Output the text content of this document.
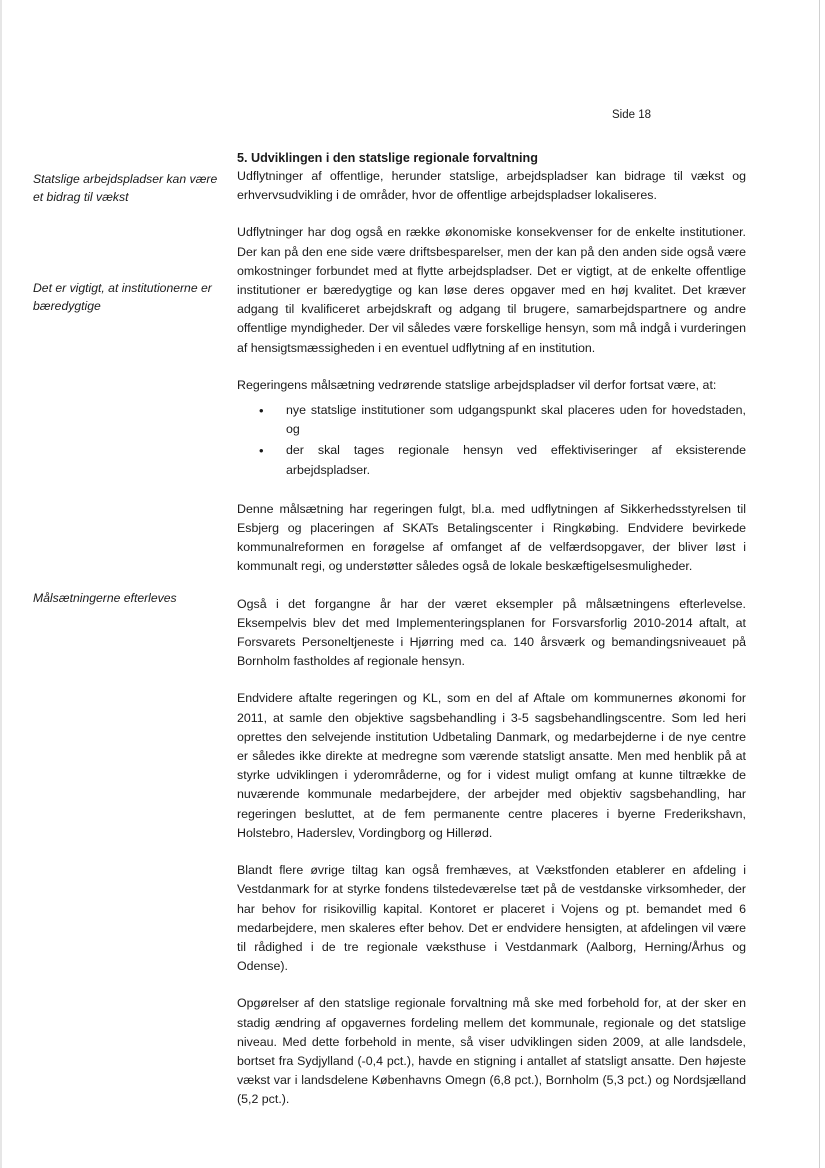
Side 18
Statslige arbejdspladser kan være et bidrag til vækst
Det er vigtigt, at institutionerne er bæredygtige
Målsætningerne efterleves
5. Udviklingen i den statslige regionale forvaltning

Udflytninger af offentlige, herunder statslige, arbejdspladser kan bidrage til vækst og erhvervsudvikling i de områder, hvor de offentlige arbejdspladser lokaliseres.

Udflytninger har dog også en række økonomiske konsekvenser for de enkelte institutioner. Der kan på den ene side være driftsbesparelser, men der kan på den anden side også være omkostninger forbundet med at flytte arbejdspladser. Det er vigtigt, at de enkelte offentlige institutioner er bæredygtige og kan løse deres opgaver med en høj kvalitet. Det kræver adgang til kvalificeret arbejdskraft og adgang til brugere, samarbejdspartnere og andre offentlige myndigheder. Der vil således være forskellige hensyn, som må indgå i vurderingen af hensigtsmæssigheden i en eventuel udflytning af en institution.

Regeringens målsætning vedrørende statslige arbejdspladser vil derfor fortsat være, at:

• nye statslige institutioner som udgangspunkt skal placeres uden for hovedstaden, og
• der skal tages regionale hensyn ved effektiviseringer af eksisterende arbejdspladser.

Denne målsætning har regeringen fulgt, bl.a. med udflytningen af Sikkerhedsstyrelsen til Esbjerg og placeringen af SKATs Betalingscenter i Ringkøbing. Endvidere bevirkede kommunalreformen en forøgelse af omfanget af de velfærdsopgaver, der bliver løst i kommunalt regi, og understøtter således også de lokale beskæftigelsesmuligheder.

Også i det forgangne år har der været eksempler på målsætningens efterlevelse. Eksempelvis blev det med Implementeringsplanen for Forsvarsforlig 2010-2014 aftalt, at Forsvarets Personeltjeneste i Hjørring med ca. 140 årsværk og bemandingsniveauet på Bornholm fastholdes af regionale hensyn.

Endvidere aftalte regeringen og KL, som en del af Aftale om kommunernes økonomi for 2011, at samle den objektive sagsbehandling i 3-5 sagsbehandlingscentre. Som led heri oprettes den selvejende institution Udbetaling Danmark, og medarbejderne i de nye centre er således ikke direkte at medregne som værende statsligt ansatte. Men med henblik på at styrke udviklingen i yderområderne, og for i videst muligt omfang at kunne tiltrække de nuværende kommunale medarbejdere, der arbejder med objektiv sagsbehandling, har regeringen besluttet, at de fem permanente centre placeres i byerne Frederikshavn, Holstebro, Haderslev, Vordingborg og Hillerød.

Blandt flere øvrige tiltag kan også fremhæves, at Vækstfonden etablerer en afdeling i Vestdanmark for at styrke fondens tilstedeværelse tæt på de vestdanske virksomheder, der har behov for risikovillig kapital. Kontoret er placeret i Vojens og pt. bemandet med 6 medarbejdere, men skaleres efter behov. Det er endvidere hensigten, at afdelingen vil være til rådighed i de tre regionale væksthuse i Vestdanmark (Aalborg, Herning/Århus og Odense).

Opgørelser af den statslige regionale forvaltning må ske med forbehold for, at der sker en stadig ændring af opgavernes fordeling mellem det kommunale, regionale og det statslige niveau. Med dette forbehold in mente, så viser udviklingen siden 2009, at alle landsdele, bortset fra Sydjylland (-0,4 pct.), havde en stigning i antallet af statsligt ansatte. Den højeste vækst var i landsdelene Københavns Omegn (6,8 pct.), Bornholm (5,3 pct.) og Nordsjælland (5,2 pct.).
